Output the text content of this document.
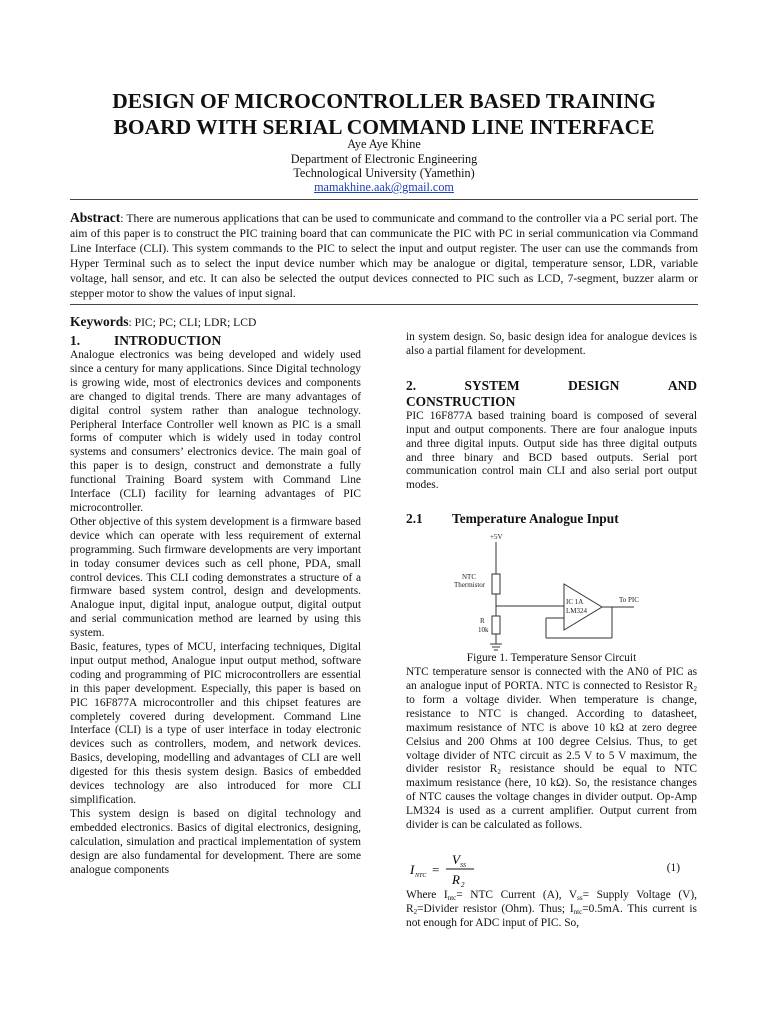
DESIGN OF MICROCONTROLLER BASED TRAINING
BOARD WITH SERIAL COMMAND LINE INTERFACE
Aye Aye Khine
Department of Electronic Engineering
Technological University (Yamethin)
mamakhine.aak@gmail.com
Abstract: There are numerous applications that can be used to communicate and command to the controller via a PC serial port. The aim of this paper is to construct the PIC training board that can communicate the PIC with PC in serial communication via Command Line Interface (CLI). This system commands to the PIC to select the input and output register. The user can use the commands from Hyper Terminal such as to select the input device number which may be analogue or digital, temperature sensor, LDR, variable voltage, hall sensor, and etc. It can also be selected the output devices connected to PIC such as LCD, 7-segment, buzzer alarm or stepper motor to show the values of input signal.
Keywords: PIC; PC; CLI; LDR; LCD
1.	INTRODUCTION

Analogue electronics was being developed and widely used since a century for many applications. Since Digital technology is growing wide, most of electronics devices and components are changed to digital trends. There are many advantages of digital control system rather than analogue technology. Peripheral Interface Controller well known as PIC is a small forms of computer which is widely used in today control systems and consumers’ electronics device. The main goal of this paper is to design, construct and demonstrate a fully functional Training Board system with Command Line Interface (CLI) facility for learning advantages of PIC microcontroller.

Other objective of this system development is a firmware based device which can operate with less requirement of external programming. Such firmware developments are very important in today consumer devices such as cell phone, PDA, small control devices. This CLI coding demonstrates a structure of a firmware based system control, design and developments. Analogue input, digital input, analogue output, digital output and serial communication method are learned by using this system.

Basic, features, types of MCU, interfacing techniques, Digital input output method, Analogue input output method, software coding and programming of PIC microcontrollers are essential in this paper development. Especially, this paper is based on PIC 16F877A microcontroller and this chipset features are completely covered during development. Command Line Interface (CLI) is a type of user interface in today electronic devices such as controllers, modem, and network devices. Basics, developing, modelling and advantages of CLI are well digested for this thesis system design. Basics of embedded devices technology are also introduced for more CLI simplification.

This system design is based on digital technology and embedded electronics. Basics of digital electronics, designing, calculation, simulation and practical implementation of system design are also fundamental for development. There are some analogue components

in system design. So, basic design idea for analogue devices is also a partial filament for development.

2.	SYSTEM	DESIGN	AND
CONSTRUCTION

PIC 16F877A based training board is composed of several input and output components. There are four analogue inputs and three digital inputs. Output side has three digital outputs and three binary and BCD based outputs. Serial port communication control main CLI and also serial port output modes.

2.1 Temperature Analogue Input
+5V
NTC
Thermistor
R
10k
IC 1A
LM324
To PIC
Figure 1. Temperature Sensor Circuit

NTC temperature sensor is connected with the AN0 of PIC as an analogue input of PORTA. NTC is connected to Resistor $R_2$ to form a voltage divider. When temperature is change, resistance to NTC is changed. According to datasheet, maximum resistance of NTC is above 10 kΩ at zero degree Celsius and 200 Ohms at 100 degree Celsius. Thus, to get voltage divider of NTC circuit as 2.5 V to 5 V maximum, the divider resistor $R_2$ resistance should be equal to NTC maximum resistance (here, 10 kΩ). So, the resistance changes of NTC causes the voltage changes in divider output. Op-Amp LM324 is used as a current amplifier. Output current from divider is can be calculated as follows.

I NTC =
V SS
R 2
(1)

Where $I_{ntc}=$ NTC Current (A), $V_{ss}=$ Supply Voltage (V), $R_2=Divider$ resistor (Ohm). Thus; $I_{ntc}=0.5mA$. This current is not enough for ADC input of PIC. So,
